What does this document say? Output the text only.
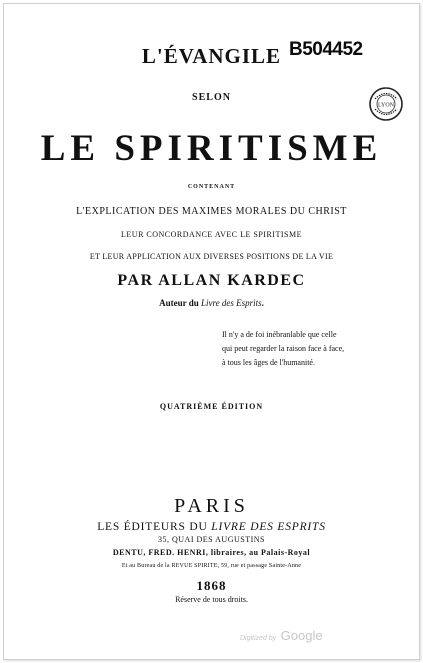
L'ÉVANGILE B504452
LYON
SELON
LE SPIRITISME
CONTENANT
L'EXPLICATION DES MAXIMES MORALES DU CHRIST
LEUR CONCORDANCE AVEC LE SPIRITISME
ET LEUR APPLICATION AUX DIVERSES POSITIONS DE LA VIE
PAR ALLAN KARDEC
Auteur du Livre des Esprits.
Il n'y a de foi inébranlable que celle
qui peut regarder la raison face à face,
à tous les âges de l'humanité.
QUATRIÈME ÉDITION
PARIS
LES ÉDITEURS DU LIVRE DES ESPRITS
35, QUAI DES AUGUSTINS
DENTU, FRED. HENRI, libraires, au Palais-Royal
Et au Bureau de la REVUE SPIRITE, 59, rue et passage Sainte-Anne
1868
Réserve de tous droits.
Digitized by Google
